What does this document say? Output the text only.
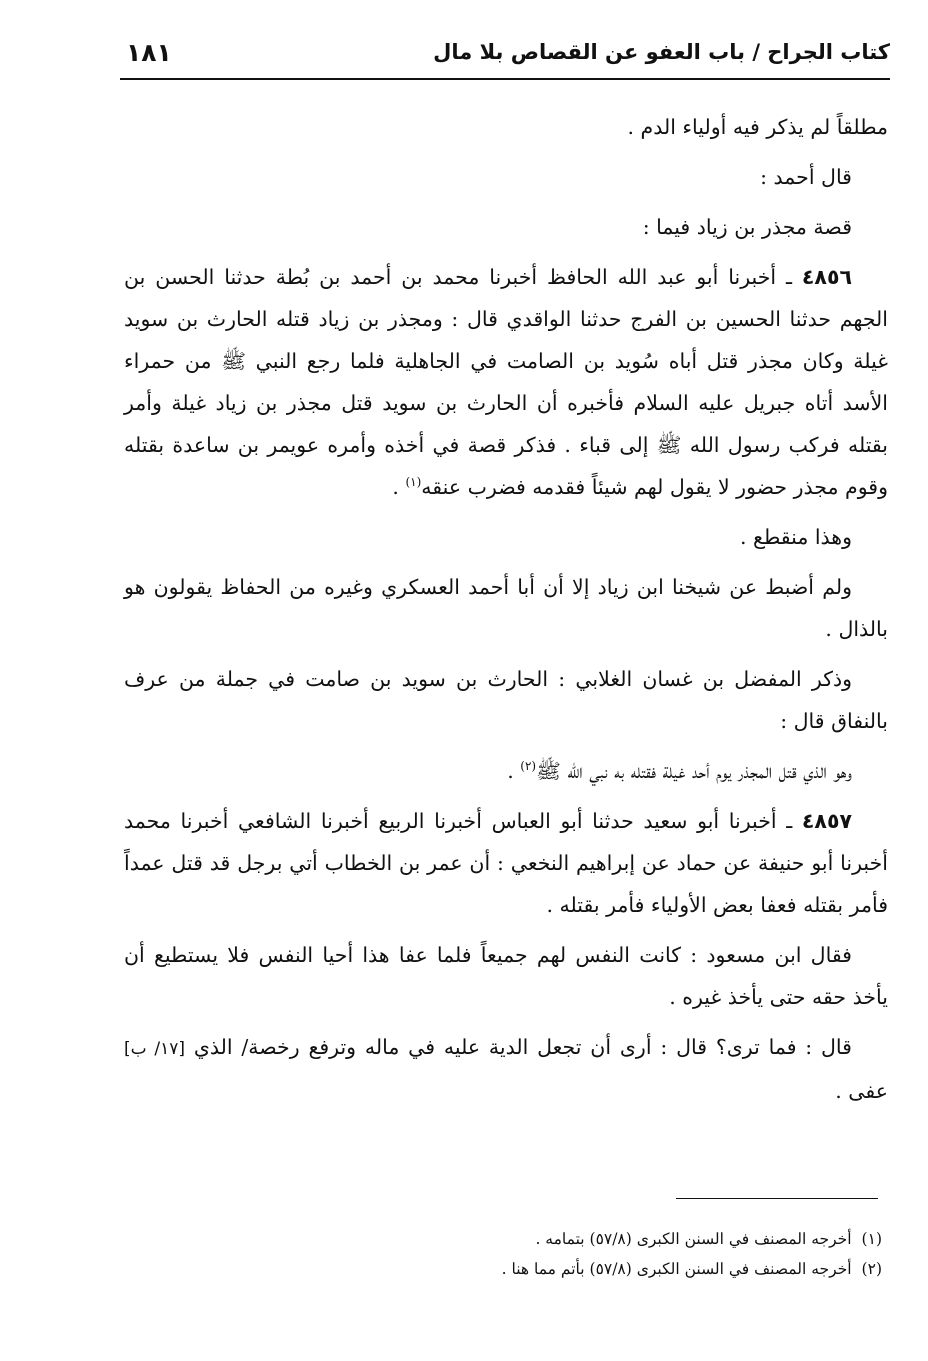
كتاب الجراح / باب العفو عن القصاص بلا مال
١٨١

مطلقاً لم يذكر فيه أولياء الدم .

قال أحمد :

قصة مجذر بن زياد فيما :

٤٨٥٦ ـ أخبرنا أبو عبد الله الحافظ أخبرنا محمد بن أحمد بن بُطة حدثنا الحسن بن الجهم حدثنا الحسين بن الفرج حدثنا الواقدي قال : ومجذر بن زياد قتله الحارث بن سويد غيلة وكان مجذر قتل أباه سُويد بن الصامت في الجاهلية فلما رجع النبي ﷺ من حمراء الأسد أتاه جبريل عليه السلام فأخبره أن الحارث بن سويد قتل مجذر بن زياد غيلة وأمر بقتله فركب رسول الله ﷺ إلى قباء . فذكر قصة في أخذه وأمره عويمر بن ساعدة بقتله وقوم مجذر حضور لا يقول لهم شيئاً فقدمه فضرب عنقه$^{(١)}$ .

وهذا منقطع .

ولم أضبط عن شيخنا ابن زياد إلا أن أبا أحمد العسكري وغيره من الحفاظ يقولون هو بالذال .

وذكر المفضل بن غسان الغلابي : الحارث بن سويد بن صامت في جملة من عرف بالنفاق قال :

وهو الذي قتل المجذر يوم أحد غيلة فقتله به نبي الله ﷺ$^{(٢)}$ .

٤٨٥٧ ـ أخبرنا أبو سعيد حدثنا أبو العباس أخبرنا الربيع أخبرنا الشافعي أخبرنا محمد أخبرنا أبو حنيفة عن حماد عن إبراهيم النخعي : أن عمر بن الخطاب أتي برجل قد قتل عمداً فأمر بقتله فعفا بعض الأولياء فأمر بقتله .

فقال ابن مسعود : كانت النفس لهم جميعاً فلما عفا هذا أحيا النفس فلا يستطيع أن يأخذ حقه حتى يأخذ غيره .

قال : فما ترى؟ قال : أرى أن تجعل الدية عليه في ماله وترفع رخصة/ الذي [١٧/ ب] عفى .

(١)أخرجه المصنف في السنن الكبرى (٥٧/٨) بتمامه .
(٢)أخرجه المصنف في السنن الكبرى (٥٧/٨) بأتم مما هنا .
